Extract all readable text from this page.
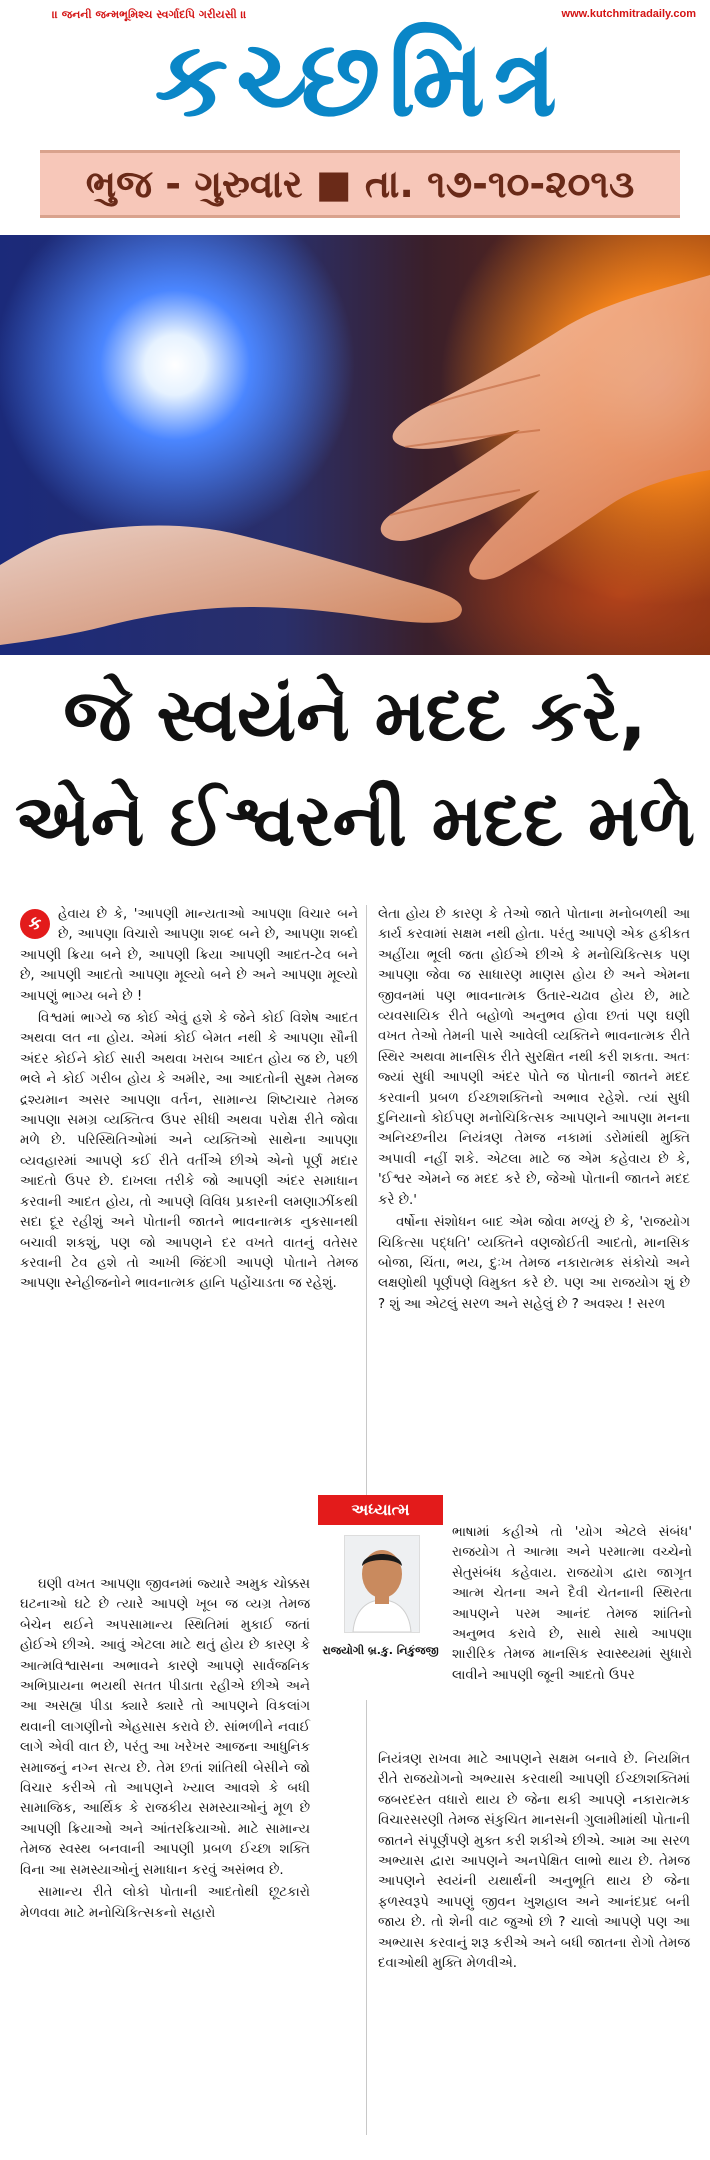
।। જનની જન્મભૂમિશ્ચ સ્વર્ગાદપિ ગરીયસી ।।	www.kutchmitradaily.com
કચ્છમિત્ર
ભુજ - ગુરુવાર ■ તા. ૧૭-૧૦-૨૦૧૩
જે સ્વયંને મદદ કરે,
એને ઈશ્વરની મદદ મળે
ક	હેવાય છે કે, 'આપણી માન્યતાઓ આપણા વિચાર બને છે, આપણા વિચારો આપણા શબ્દ બને છે, આપણા શબ્દો આપણી ક્રિયા બને છે, આપણી ક્રિયા આપણી આદત-ટેવ બને છે, આપણી આદતો આપણા મૂલ્યો બને છે અને આપણા મૂલ્યો આપણું ભાગ્ય બને છે !

વિશ્વમાં ભાગ્યે જ કોઈ એવું હશે કે જેને કોઈ વિશેષ આદત અથવા લત ના હોય. એમાં કોઈ બેમત નથી કે આપણા સૌની અંદર કોઈને કોઈ સારી અથવા ખરાબ આદત હોય જ છે, પછી ભલે ને કોઈ ગરીબ હોય કે અમીર, આ આદતોની સુક્ષ્મ તેમજ દ્રશ્યમાન અસર આપણા વર્તન, સામાન્ય શિષ્ટાચાર તેમજ આપણા સમગ્ર વ્યક્તિત્વ ઉપર સીધી અથવા પરોક્ષ રીતે જોવા મળે છે. પરિસ્થિતિઓમાં અને વ્યક્તિઓ સાથેના આપણા વ્યવહારમાં આપણે કઈ રીતે વર્તીએ છીએ એનો પૂર્ણ મદાર આદતો ઉપર છે. દાખલા તરીકે જો આપણી અંદર સમાધાન કરવાની આદત હોય, તો આપણે વિવિધ પ્રકારની લમણાઝીંકથી સદા દૂર રહીશું અને પોતાની જાતને ભાવનાત્મક નુકસાનથી બચાવી શકશું, પણ જો આપણને દર વખતે વાતનું વતેસર કરવાની ટેવ હશે તો આખી જિંદગી આપણે પોતાને તેમજ આપણા સ્નેહીજનોને ભાવનાત્મક હાનિ પહોંચાડતા જ રહેશું.

લેતા હોય છે કારણ કે તેઓ જાતે પોતાના મનોબળથી આ કાર્ય કરવામાં સક્ષમ નથી હોતા. પરંતુ આપણે એક હકીકત અહીંયા ભૂલી જતા હોઈએ છીએ કે મનોચિકિત્સક પણ આપણા જેવા જ સાધારણ માણસ હોય છે અને એમના જીવનમાં પણ ભાવનાત્મક ઉતાર-ચઢાવ હોય છે, માટે વ્યવસાયિક રીતે બહોળો અનુભવ હોવા છતાં પણ ઘણી વખત તેઓ તેમની પાસે આવેલી વ્યક્તિને ભાવનાત્મક રીતે સ્થિર અથવા માનસિક રીતે સુરક્ષિત નથી કરી શકતા. અતઃ જ્યાં સુધી આપણી અંદર પોતે જ પોતાની જાતને મદદ કરવાની પ્રબળ ઈચ્છાશક્તિનો અભાવ રહેશે. ત્યાં સુધી દુનિયાનો કોઈપણ મનોચિકિત્સક આપણને આપણા મનના અનિચ્છનીય નિયંત્રણ તેમજ નકામાં ડરોમાંથી મુક્તિ અપાવી નહીં શકે. એટલા માટે જ એમ કહેવાય છે કે, 'ઈશ્વર એમને જ મદદ કરે છે, જેઓ પોતાની જાતને મદદ કરે છે.'

વર્ષોના સંશોધન બાદ એમ જોવા મળ્યું છે કે, 'રાજયોગ ચિકિત્સા પદ્ધતિ' વ્યક્તિને વણજોઈતી આદતો, માનસિક બોજા, ચિંતા, ભય, દુઃખ તેમજ નકારાત્મક સંકોચો અને લક્ષણોથી પૂર્ણપણે વિમુક્ત કરે છે. પણ આ રાજયોગ શું છે ? શું આ એટલું સરળ અને સહેલું છે ? અવશ્ય ! સરળ

ઘણી વખત આપણા જીવનમાં જ્યારે અમુક ચોક્કસ ઘટનાઓ ઘટે છે ત્યારે આપણે ખૂબ જ વ્યગ્ર તેમજ બેચેન થઈને અપસામાન્ય સ્થિતિમાં મુકાઈ જતાં હોઈએ છીએ. આવું એટલા માટે થતું હોય છે કારણ કે આત્મવિશ્વાસના અભાવને કારણે આપણે સાર્વજનિક અભિપ્રાયના ભયથી સતત પીડાતા રહીએ છીએ અને આ અસહ્ય પીડા ક્યારે ક્યારે તો આપણને વિકલાંગ થવાની લાગણીનો એહસાસ કરાવે છે. સાંભળીને નવાઈ લાગે એવી વાત છે, પરંતુ આ ખરેખર આજના આધુનિક સમાજનું નગ્ન સત્ય છે. તેમ છતાં શાંતિથી બેસીને જો વિચાર કરીએ તો આપણને ખ્યાલ આવશે કે બધી સામાજિક, આર્થિક કે રાજકીય સમસ્યાઓનું મૂળ છે આપણી ક્રિયાઓ અને આંતરક્રિયાઓ. માટે સામાન્ય તેમજ સ્વસ્થ બનવાની આપણી પ્રબળ ઈચ્છા શક્તિ વિના આ સમસ્યાઓનું સમાધાન કરવું અસંભવ છે.

સામાન્ય રીતે લોકો પોતાની આદતોથી છૂટકારો મેળવવા માટે મનોચિકિત્સકનો સહારો

ભાષામાં કહીએ તો 'યોગ એટલે સંબંધ' રાજયોગ તે આત્મા અને પરમાત્મા વચ્ચેનો સેતુસંબંધ કહેવાય. રાજયોગ દ્વારા જાગૃત આત્મ ચેતના અને દૈવી ચેતનાની સ્થિરતા આપણને પરમ આનંદ તેમજ શાંતિનો અનુભવ કરાવે છે, સાથે સાથે આપણા શારીરિક તેમજ માનસિક સ્વાસ્થ્યમાં સુધારો લાવીને આપણી જૂની આદતો ઉપર

નિયંત્રણ રાખવા માટે આપણને સક્ષમ બનાવે છે. નિયમિત રીતે રાજયોગનો અભ્યાસ કરવાથી આપણી ઈચ્છાશક્તિમાં જબરદસ્ત વધારો થાય છે જેના થકી આપણે નકારાત્મક વિચારસરણી તેમજ સંકુચિત માનસની ગુલામીમાંથી પોતાની જાતને સંપૂર્ણપણે મુક્ત કરી શકીએ છીએ. આમ આ સરળ અભ્યાસ દ્વારા આપણને અનપેક્ષિત લાભો થાય છે. તેમજ આપણને સ્વયંની યથાર્થની અનુભૂતિ થાય છે જેના ફળસ્વરૂપે આપણું જીવન ખુશહાલ અને આનંદપ્રદ બની જાય છે. તો શેની વાટ જુઓ છો ? ચાલો આપણે પણ આ અભ્યાસ કરવાનું શરૂ કરીએ અને બધી જાતના રોગો તેમજ દવાઓથી મુક્તિ મેળવીએ.

અધ્યાત્મ
રાજયોગી બ્ર.કુ. નિકુંજજી
